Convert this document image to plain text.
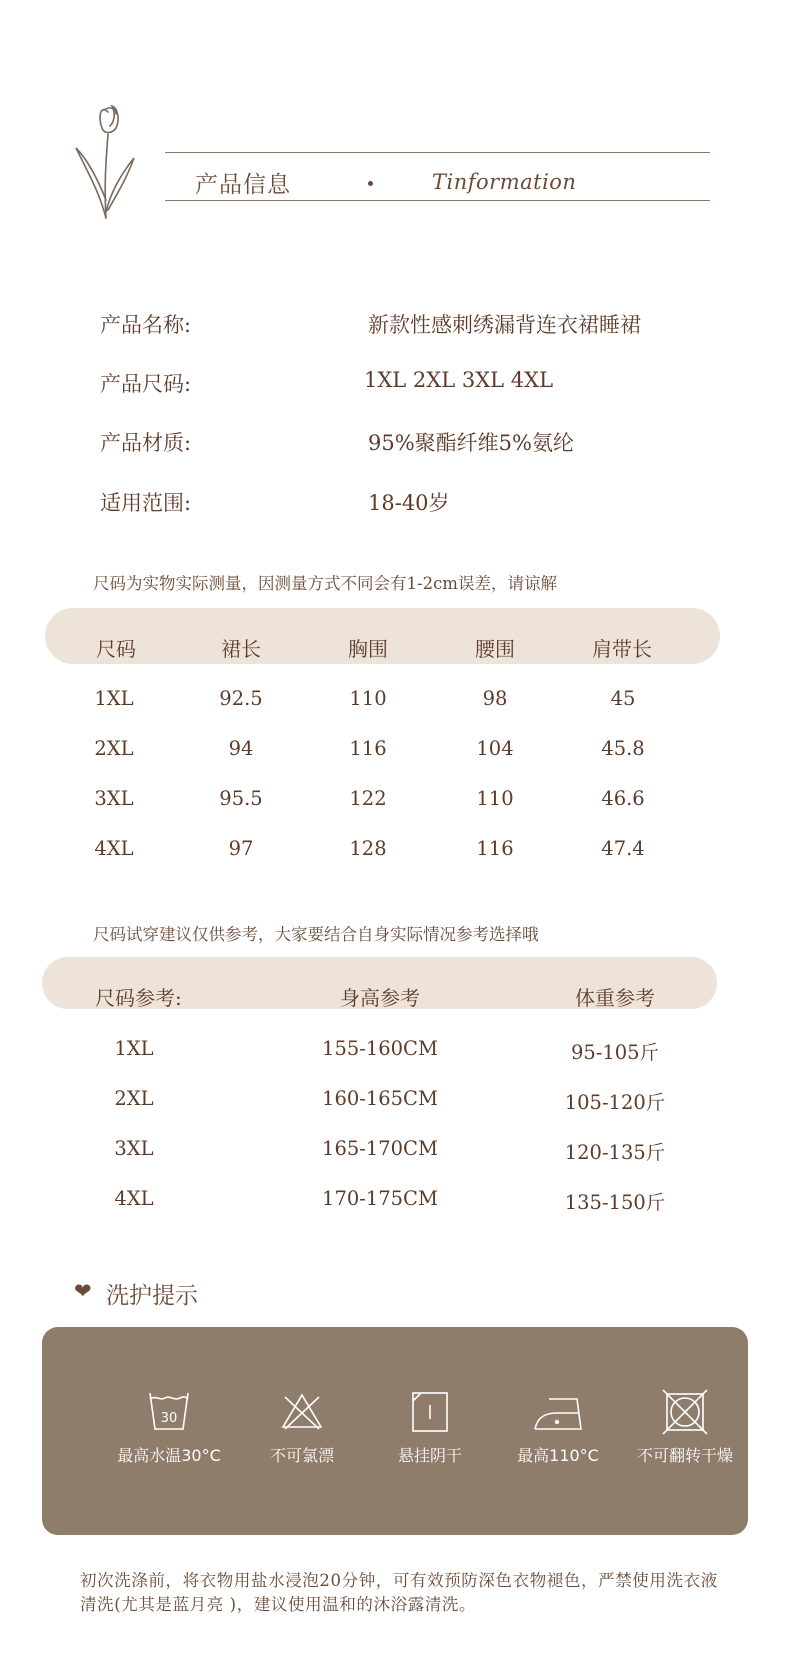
产品信息	Tinformation
产品名称:	新款性感刺绣漏背连衣裙睡裙
产品尺码:	1XL 2XL 3XL 4XL
产品材质:	95%聚酯纤维5%氨纶
适用范围:	18-40岁
尺码为实物实际测量，因测量方式不同会有1-2cm误差，请谅解
尺码	裙长	胸围	腰围	肩带长
1XL	92.5	110	98	45
2XL	94	116	104	45.8
3XL	95.5	122	110	46.6
4XL	97	128	116	47.4
尺码试穿建议仅供参考，大家要结合自身实际情况参考选择哦
尺码参考:	身高参考	体重参考
1XL	155-160CM	95-105斤
2XL	160-165CM	105-120斤
3XL	165-170CM	120-135斤
4XL	170-175CM	135-150斤
❤ 洗护提示
30
最高水温30°C	不可氯漂	悬挂阴干	最高110°C	不可翻转干燥
初次洗涤前，将衣物用盐水浸泡20分钟，可有效预防深色衣物褪色，严禁使用洗衣液清洗(尤其是蓝月亮 )，建议使用温和的沐浴露清洗。
